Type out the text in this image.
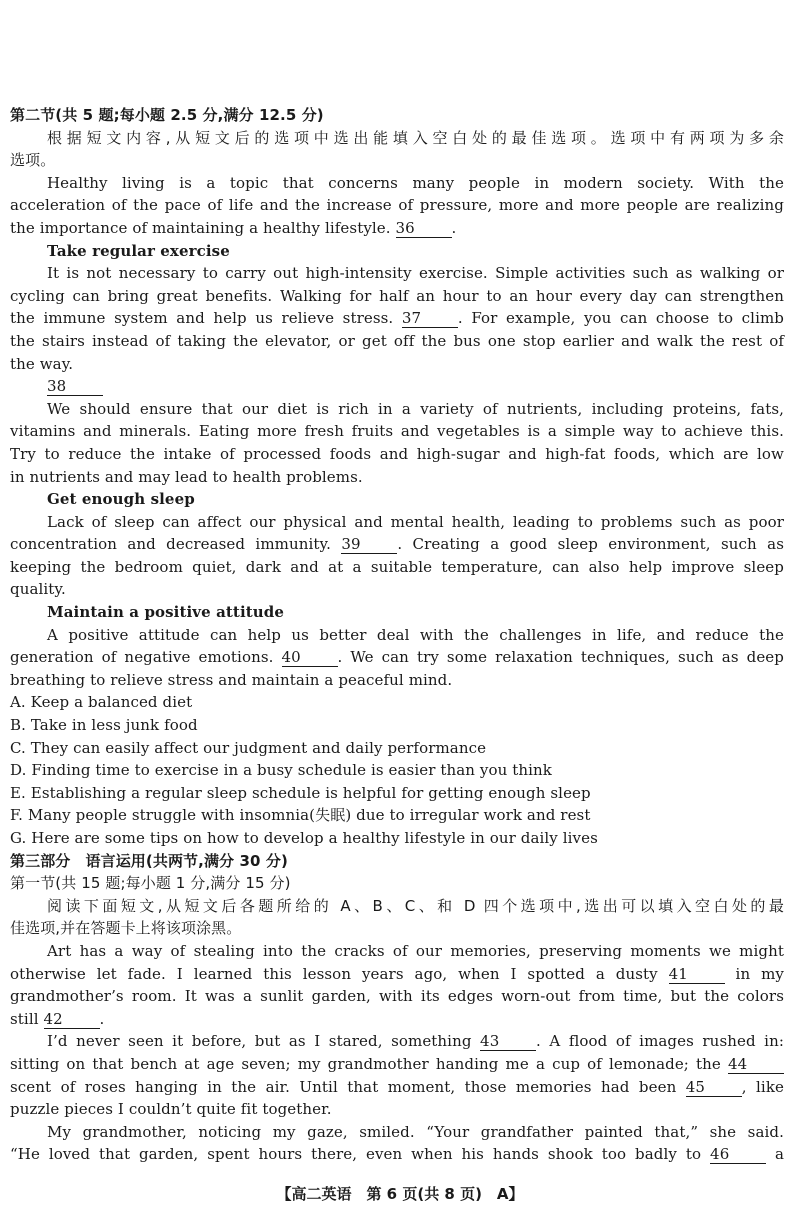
第二节(共 5 题;每小题 2.5 分,满分 12.5 分)
根据短文内容,从短文后的选项中选出能填入空白处的最佳选项。选项中有两项为多余
选项。
Healthy living is a topic that concerns many people in modern society. With the
acceleration of the pace of life and the increase of pressure, more and more people are realizing
the importance of maintaining a healthy lifestyle. 36 .
Take regular exercise
It is not necessary to carry out high-intensity exercise. Simple activities such as walking or
cycling can bring great benefits. Walking for half an hour to an hour every day can strengthen
the immune system and help us relieve stress. 37 . For example, you can choose to climb
the stairs instead of taking the elevator, or get off the bus one stop earlier and walk the rest of
the way.
38
We should ensure that our diet is rich in a variety of nutrients, including proteins, fats,
vitamins and minerals. Eating more fresh fruits and vegetables is a simple way to achieve this.
Try to reduce the intake of processed foods and high-sugar and high-fat foods, which are low
in nutrients and may lead to health problems.
Get enough sleep
Lack of sleep can affect our physical and mental health, leading to problems such as poor
concentration and decreased immunity. 39 . Creating a good sleep environment, such as
keeping the bedroom quiet, dark and at a suitable temperature, can also help improve sleep
quality.
Maintain a positive attitude
A positive attitude can help us better deal with the challenges in life, and reduce the
generation of negative emotions. 40 . We can try some relaxation techniques, such as deep
breathing to relieve stress and maintain a peaceful mind.
A. Keep a balanced diet
B. Take in less junk food
C. They can easily affect our judgment and daily performance
D. Finding time to exercise in a busy schedule is easier than you think
E. Establishing a regular sleep schedule is helpful for getting enough sleep
F. Many people struggle with insomnia(失眠) due to irregular work and rest
G. Here are some tips on how to develop a healthy lifestyle in our daily lives
第三部分　语言运用(共两节,满分 30 分)
第一节(共 15 题;每小题 1 分,满分 15 分)
阅读下面短文,从短文后各题所给的 A、B、C、和 D 四个选项中,选出可以填入空白处的最
佳选项,并在答题卡上将该项涂黑。
Art has a way of stealing into the cracks of our memories, preserving moments we might
otherwise let fade. I learned this lesson years ago, when I spotted a dusty 41 in my
grandmother’s room. It was a sunlit garden, with its edges worn-out from time, but the colors
still 42 .
I’d never seen it before, but as I stared, something 43 . A flood of images rushed in:
sitting on that bench at age seven; my grandmother handing me a cup of lemonade; the 44
scent of roses hanging in the air. Until that moment, those memories had been 45 , like
puzzle pieces I couldn’t quite fit together.
My grandmother, noticing my gaze, smiled. “Your grandfather painted that,” she said.
“He loved that garden, spent hours there, even when his hands shook too badly to 46 a
【高二英语　第 6 页(共 8 页)　A】
